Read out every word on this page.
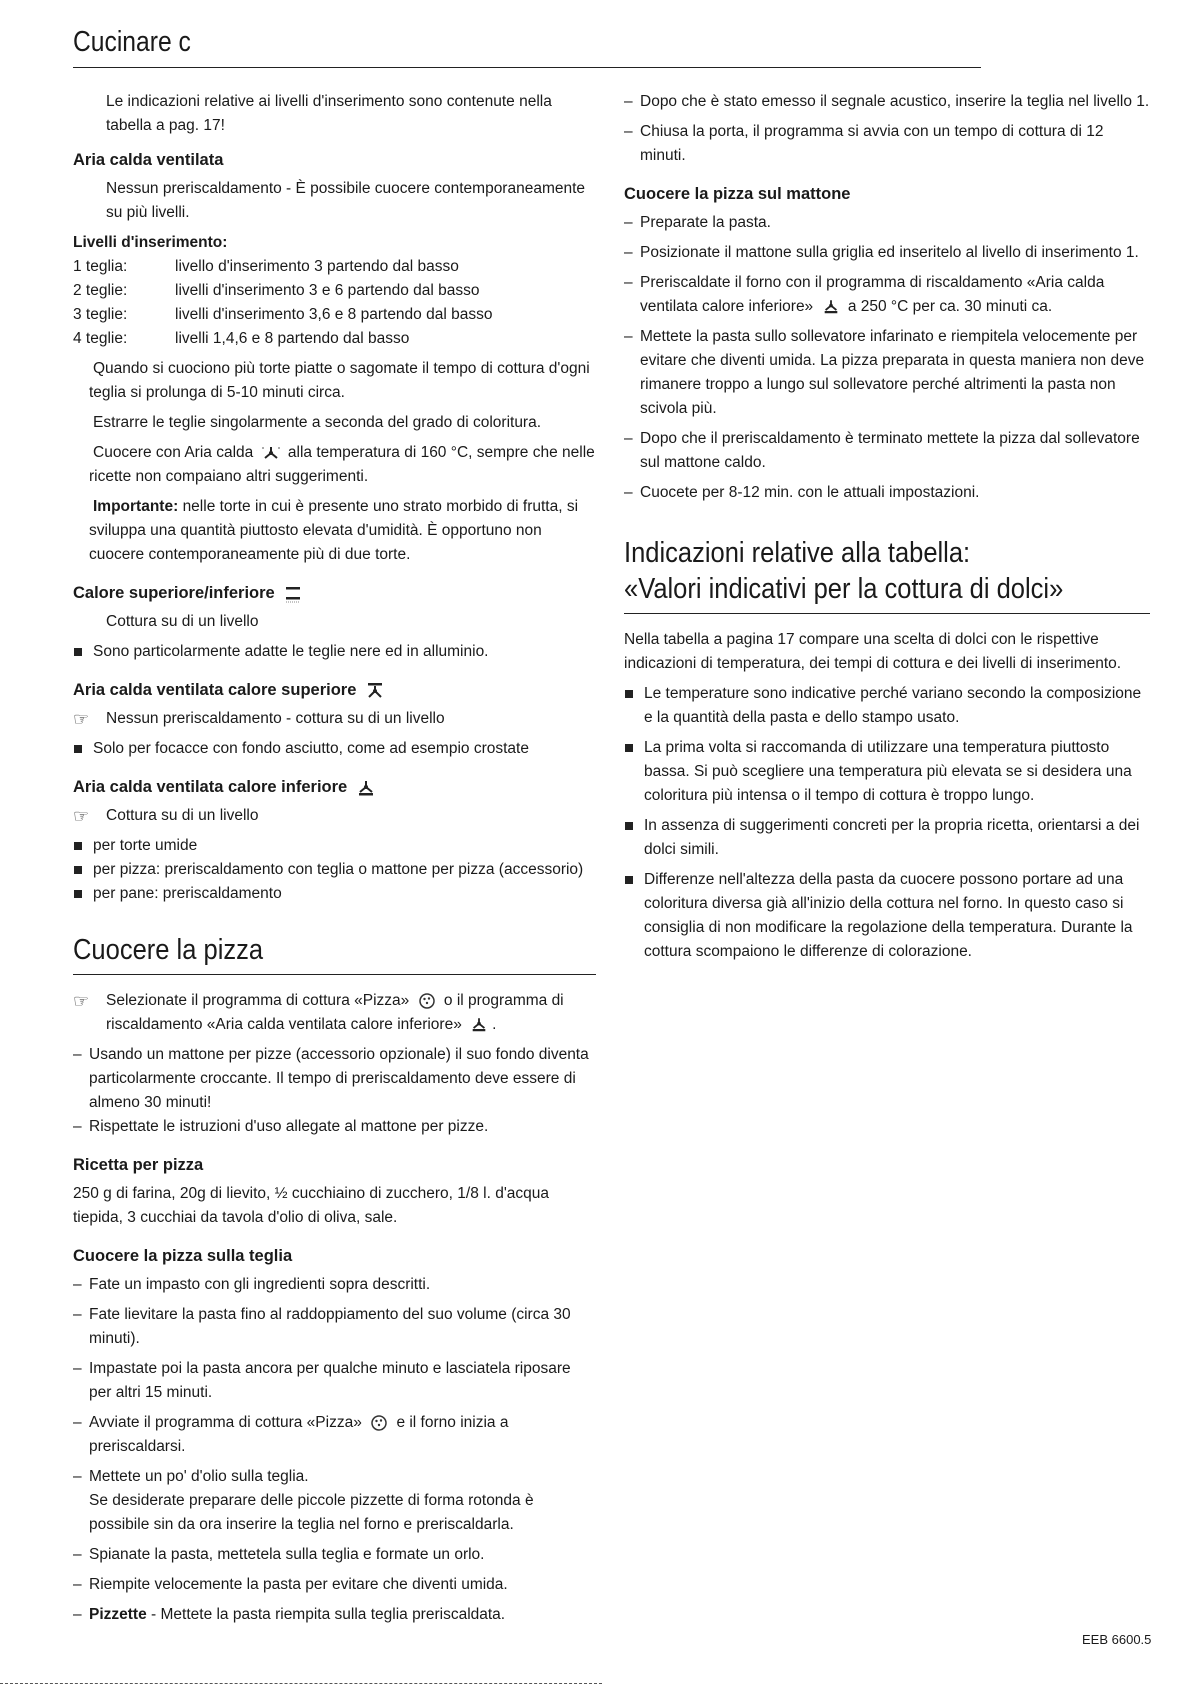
Cucinare c

Le indicazioni relative ai livelli d'inserimento sono contenute nella tabella a pag. 17!

Aria calda ventilata

Nessun preriscaldamento - È possibile cuocere contemporaneamente su più livelli.

Livelli d'inserimento:

1 teglia:	livello d'inserimento 3 partendo dal basso
2 teglie:	livelli d'inserimento 3 e 6 partendo dal basso
3 teglie:	livelli d'inserimento 3,6 e 8 partendo dal basso
4 teglie:	livelli 1,4,6 e 8 partendo dal basso

Quando si cuociono più torte piatte o sagomate il tempo di cottura d'ogni teglia si prolunga di 5-10 minuti circa.

Estrarre le teglie singolarmente a seconda del grado di coloritura.

Cuocere con Aria calda alla temperatura di 160 °C, sempre che nelle ricette non compaiano altri suggerimenti.

Importante: nelle torte in cui è presente uno strato morbido di frutta, si sviluppa una quantità piuttosto elevata d'umidità. È opportuno non cuocere contemporaneamente più di due torte.

Calore superiore/inferiore

Cottura su di un livello

Sono particolarmente adatte le teglie nere ed in alluminio.

Aria calda ventilata calore superiore

☞ Nessun preriscaldamento - cottura su di un livello

Solo per focacce con fondo asciutto, come ad esempio crostate

Aria calda ventilata calore inferiore

☞ Cottura su di un livello

per torte umide

per pizza: preriscaldamento con teglia o mattone per pizza (accessorio)

per pane: preriscaldamento

Cuocere la pizza

☞ Selezionate il programma di cottura «Pizza» o il programma di riscaldamento «Aria calda ventilata calore inferiore» .

– Usando un mattone per pizze (accessorio opzionale) il suo fondo diventa particolarmente croccante. Il tempo di preriscaldamento deve essere di almeno 30 minuti!

– Rispettate le istruzioni d'uso allegate al mattone per pizze.

Ricetta per pizza

250 g di farina, 20g di lievito, ½ cucchiaino di zucchero, 1/8 l. d'acqua tiepida, 3 cucchiai da tavola d'olio di oliva, sale.

Cuocere la pizza sulla teglia

– Fate un impasto con gli ingredienti sopra descritti.

– Fate lievitare la pasta fino al raddoppiamento del suo volume (circa 30 minuti).

– Impastate poi la pasta ancora per qualche minuto e lasciatela riposare per altri 15 minuti.

– Avviate il programma di cottura «Pizza» e il forno inizia a preriscaldarsi.

– Mettete un po' d'olio sulla teglia.
Se desiderate preparare delle piccole pizzette di forma rotonda è possibile sin da ora inserire la teglia nel forno e preriscaldarla.

– Spianate la pasta, mettetela sulla teglia e formate un orlo.

– Riempite velocemente la pasta per evitare che diventi umida.

– Pizzette - Mettete la pasta riempita sulla teglia preriscaldata.

– Dopo che è stato emesso il segnale acustico, inserire la teglia nel livello 1.

– Chiusa la porta, il programma si avvia con un tempo di cottura di 12 minuti.

Cuocere la pizza sul mattone

– Preparate la pasta.

– Posizionate il mattone sulla griglia ed inseritelo al livello di inserimento 1.

– Preriscaldate il forno con il programma di riscaldamento «Aria calda ventilata calore inferiore» a 250 °C per ca. 30 minuti ca.

– Mettete la pasta sullo sollevatore infarinato e riempitela velocemente per evitare che diventi umida. La pizza preparata in questa maniera non deve rimanere troppo a lungo sul sollevatore perché altrimenti la pasta non scivola più.

– Dopo che il preriscaldamento è terminato mettete la pizza dal sollevatore sul mattone caldo.

– Cuocete per 8-12 min. con le attuali impostazioni.

Indicazioni relative alla tabella:

«Valori indicativi per la cottura di dolci»

Nella tabella a pagina 17 compare una scelta di dolci con le rispettive indicazioni di temperatura, dei tempi di cottura e dei livelli di inserimento.

Le temperature sono indicative perché variano secondo la composizione e la quantità della pasta e dello stampo usato.

La prima volta si raccomanda di utilizzare una temperatura piuttosto bassa. Si può scegliere una temperatura più elevata se si desidera una coloritura più intensa o il tempo di cottura è troppo lungo.

In assenza di suggerimenti concreti per la propria ricetta, orientarsi a dei dolci simili.

Differenze nell'altezza della pasta da cuocere possono portare ad una coloritura diversa già all'inizio della cottura nel forno. In questo caso si consiglia di non modificare la regolazione della temperatura. Durante la cottura scompaiono le differenze di colorazione.

EEB 6600.5
